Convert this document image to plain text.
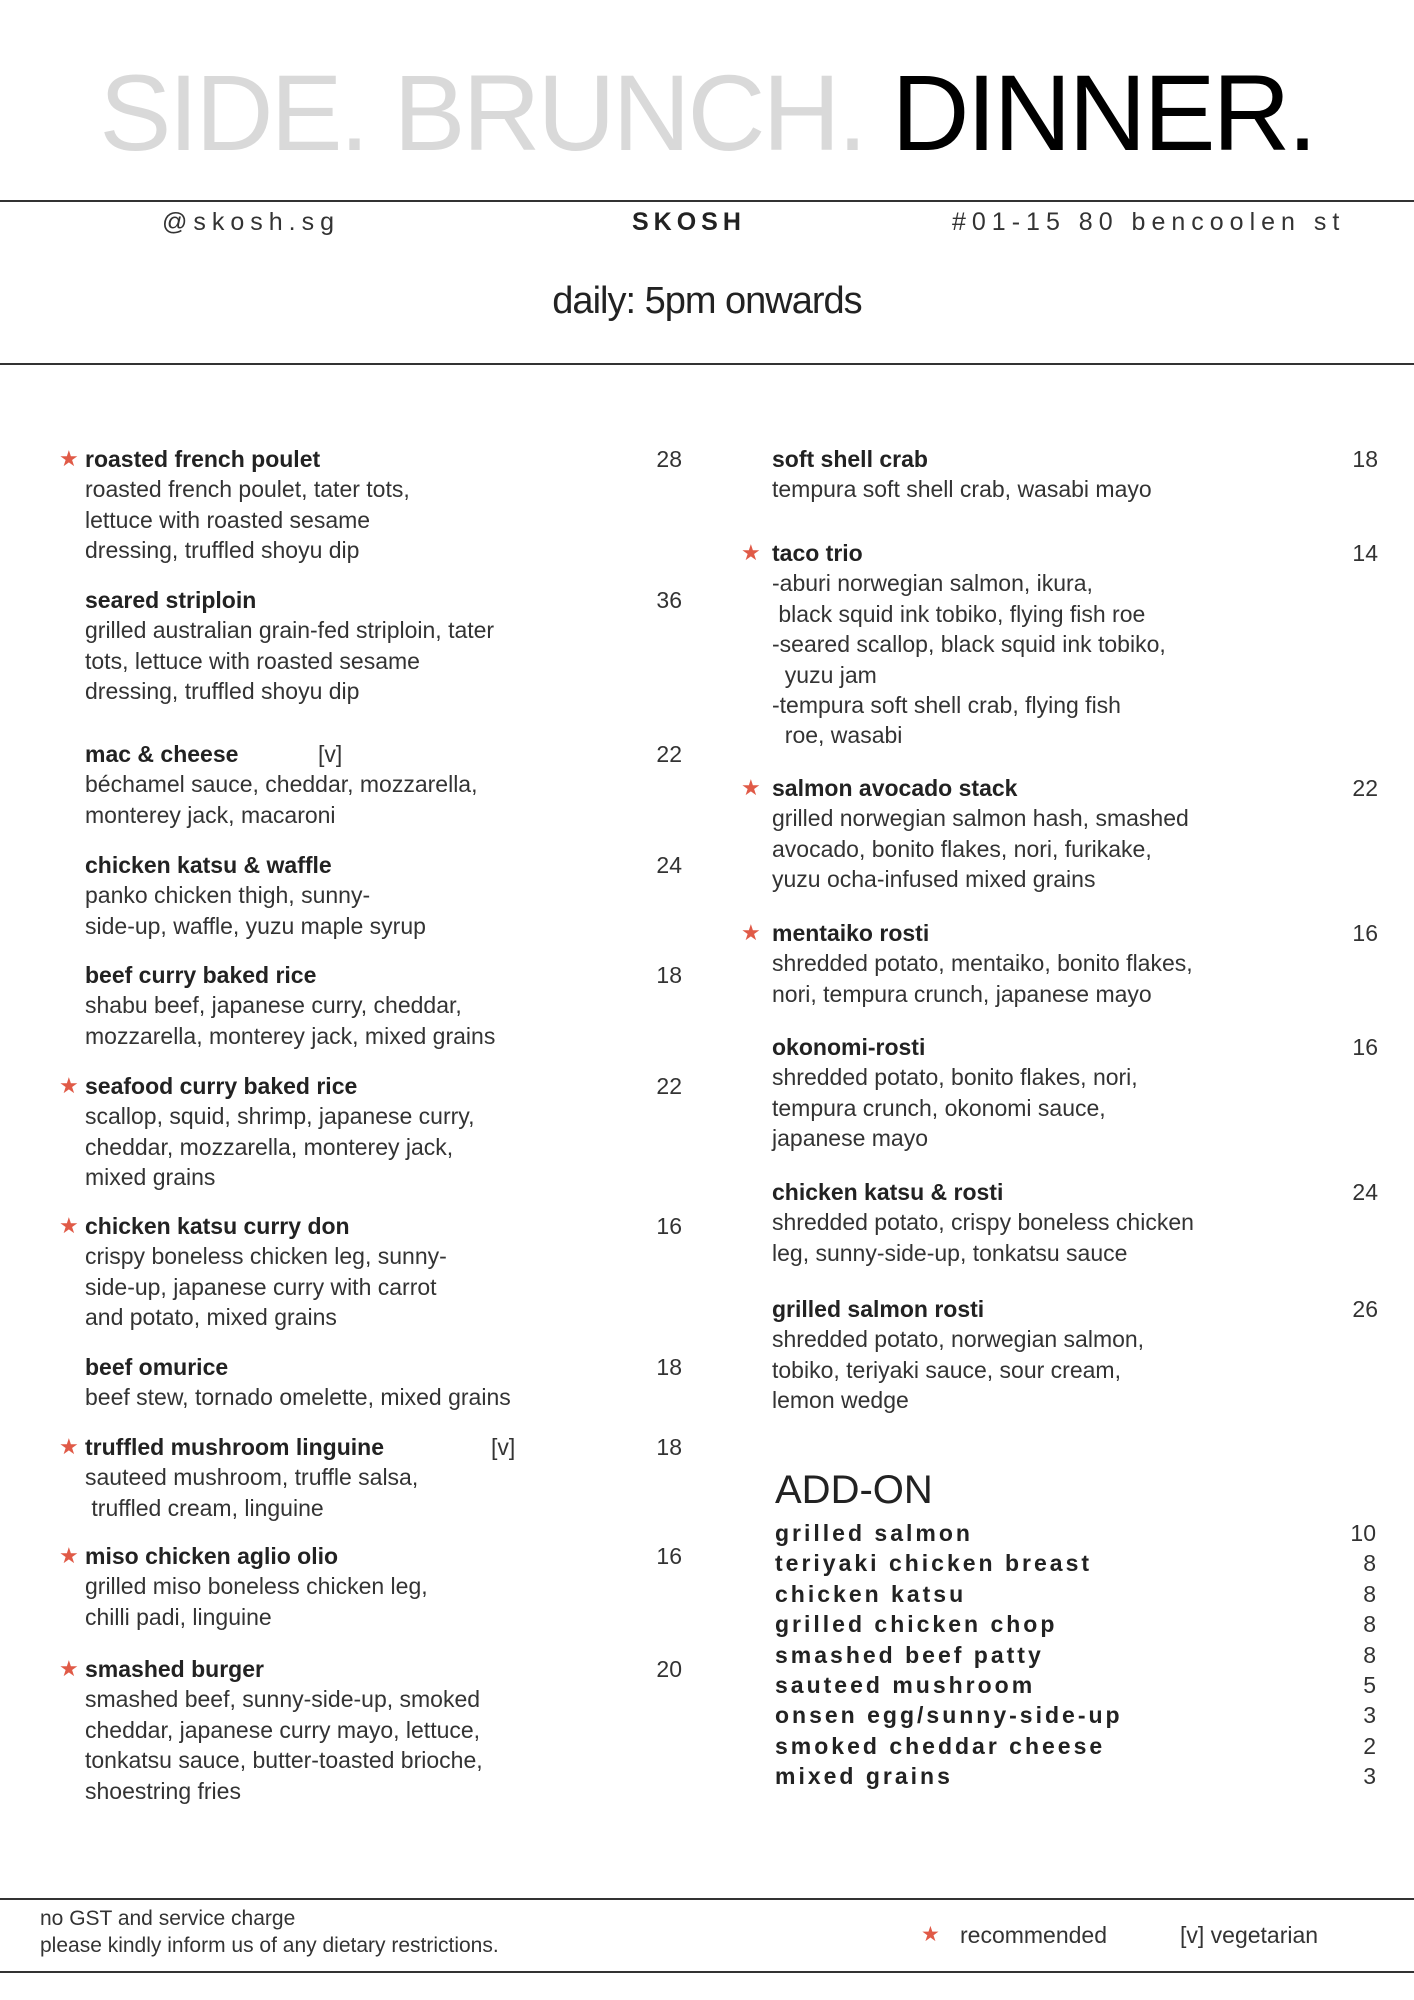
SIDE. BRUNCH. DINNER.
@skosh.sg	SKOSH	#01-15 80 bencoolen st
daily: 5pm onwards
★ roasted french poulet
roasted french poulet, tater tots,
lettuce with roasted sesame
dressing, truffled shoyu dip
28
seared striploin
grilled australian grain-fed striploin, tater
tots, lettuce with roasted sesame
dressing, truffled shoyu dip
36
mac & cheese	[v]
béchamel sauce, cheddar, mozzarella,
monterey jack, macaroni
22
chicken katsu & waffle
panko chicken thigh, sunny-
side-up, waffle, yuzu maple syrup
24
beef curry baked rice
shabu beef, japanese curry, cheddar,
mozzarella, monterey jack, mixed grains
18
★ seafood curry baked rice
scallop, squid, shrimp, japanese curry,
cheddar, mozzarella, monterey jack,
mixed grains
22
★ chicken katsu curry don
crispy boneless chicken leg, sunny-
side-up, japanese curry with carrot
and potato, mixed grains
16
beef omurice
beef stew, tornado omelette, mixed grains
18
★ truffled mushroom linguine	[v]
sauteed mushroom, truffle salsa,
truffled cream, linguine
18
★ miso chicken aglio olio
grilled miso boneless chicken leg,
chilli padi, linguine
16
★ smashed burger
smashed beef, sunny-side-up, smoked
cheddar, japanese curry mayo, lettuce,
tonkatsu sauce, butter-toasted brioche,
shoestring fries
20
soft shell crab
tempura soft shell crab, wasabi mayo
18
★ taco trio
-aburi norwegian salmon, ikura,
black squid ink tobiko, flying fish roe
-seared scallop, black squid ink tobiko,
yuzu jam
-tempura soft shell crab, flying fish
roe, wasabi
14
★ salmon avocado stack
grilled norwegian salmon hash, smashed
avocado, bonito flakes, nori, furikake,
yuzu ocha-infused mixed grains
22
★ mentaiko rosti
shredded potato, mentaiko, bonito flakes,
nori, tempura crunch, japanese mayo
16
okonomi-rosti
shredded potato, bonito flakes, nori,
tempura crunch, okonomi sauce,
japanese mayo
16
chicken katsu & rosti
shredded potato, crispy boneless chicken
leg, sunny-side-up, tonkatsu sauce
24
grilled salmon rosti
shredded potato, norwegian salmon,
tobiko, teriyaki sauce, sour cream,
lemon wedge
26
ADD-ON
grilled salmon	10
teriyaki chicken breast	8
chicken katsu	8
grilled chicken chop	8
smashed beef patty	8
sauteed mushroom	5
onsen egg/sunny-side-up	3
smoked cheddar cheese	2
mixed grains	3
no GST and service charge
please kindly inform us of any dietary restrictions.	★ recommended	[v] vegetarian
